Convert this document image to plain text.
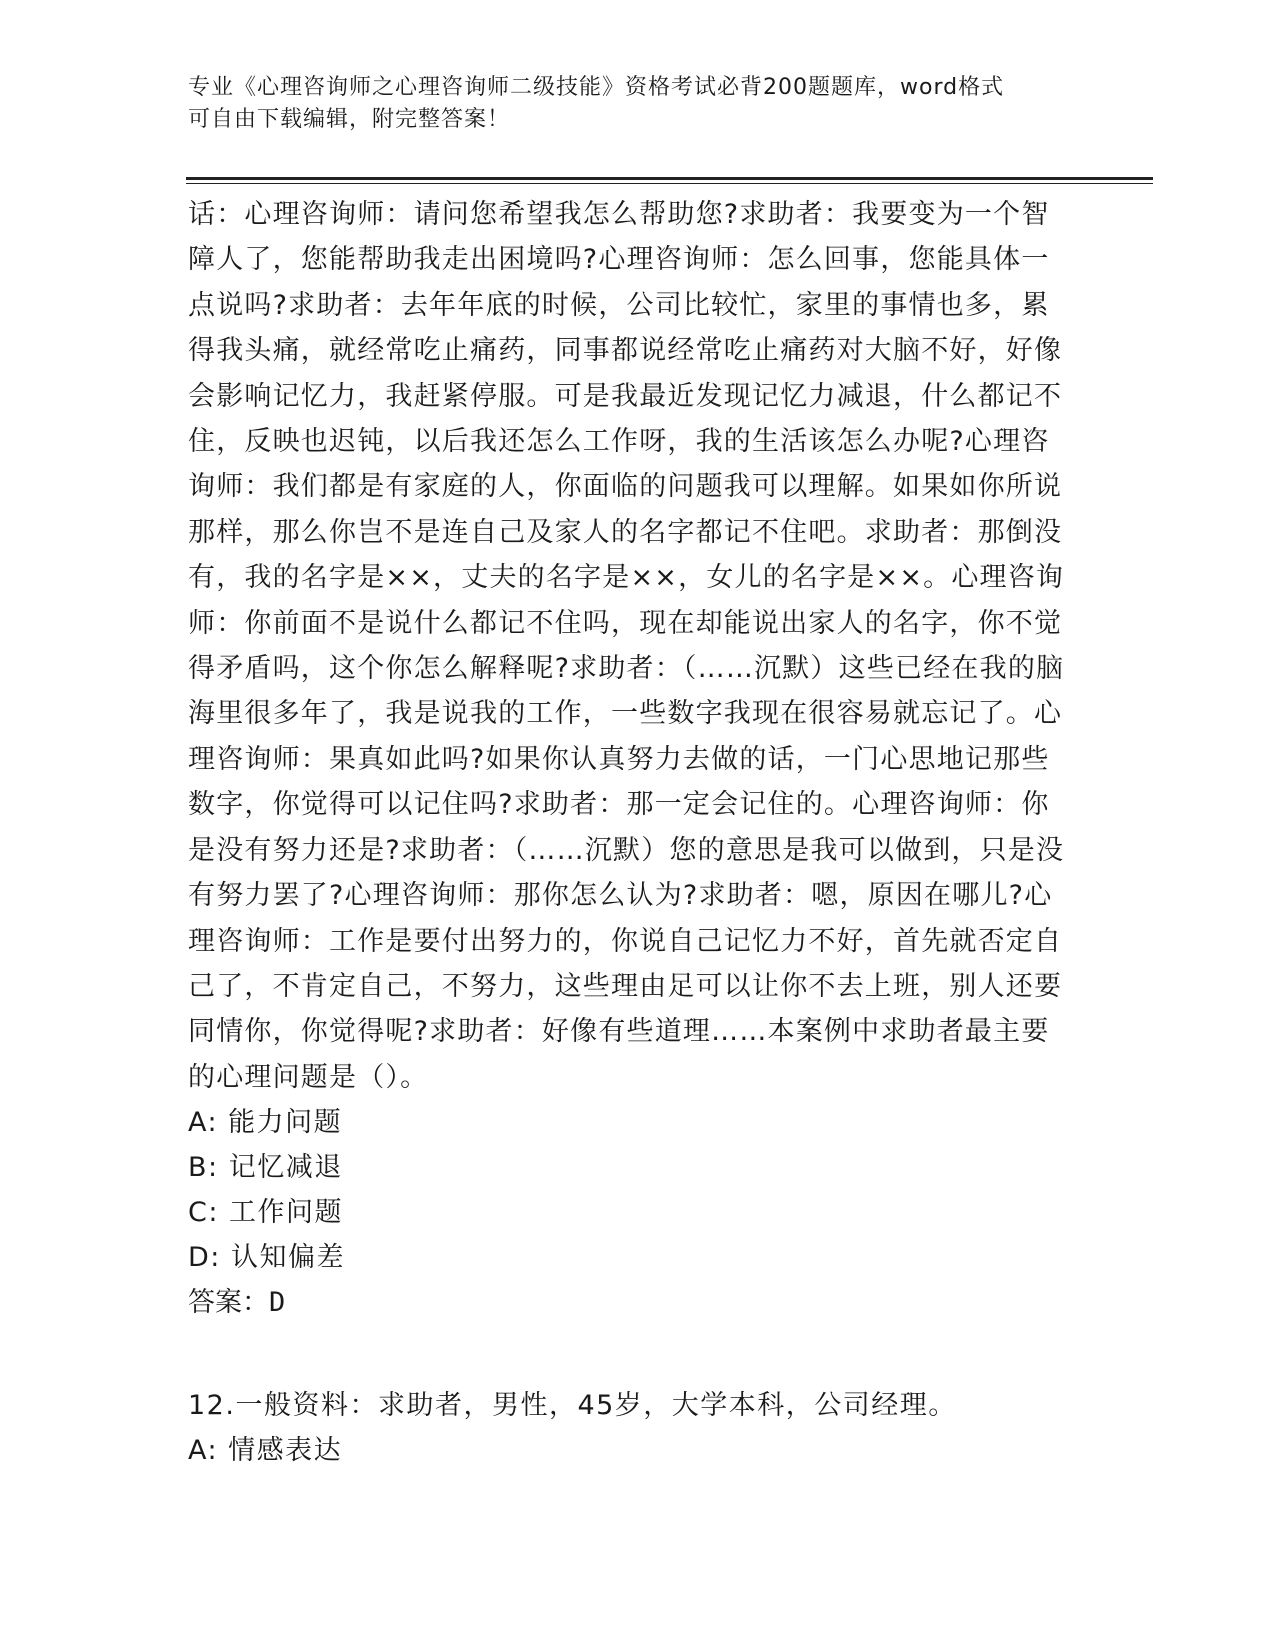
专业《心理咨询师之心理咨询师二级技能》资格考试必背200题题库，word格式
可自由下载编辑，附完整答案！
话：心理咨询师：请问您希望我怎么帮助您?求助者：我要变为一个智障人了，您能帮助我走出困境吗?心理咨询师：怎么回事，您能具体一点说吗?求助者：去年年底的时候，公司比较忙，家里的事情也多，累得我头痛，就经常吃止痛药，同事都说经常吃止痛药对大脑不好，好像会影响记忆力，我赶紧停服。可是我最近发现记忆力减退，什么都记不住，反映也迟钝，以后我还怎么工作呀，我的生活该怎么办呢?心理咨询师：我们都是有家庭的人，你面临的问题我可以理解。如果如你所说那样，那么你岂不是连自己及家人的名字都记不住吧。求助者：那倒没有，我的名字是××，丈夫的名字是××，女儿的名字是××。心理咨询师：你前面不是说什么都记不住吗，现在却能说出家人的名字，你不觉得矛盾吗，这个你怎么解释呢?求助者：（……沉默）这些已经在我的脑海里很多年了，我是说我的工作，一些数字我现在很容易就忘记了。心理咨询师：果真如此吗?如果你认真努力去做的话，一门心思地记那些数字，你觉得可以记住吗?求助者：那一定会记住的。心理咨询师：你是没有努力还是?求助者：（……沉默）您的意思是我可以做到，只是没有努力罢了?心理咨询师：那你怎么认为?求助者：嗯，原因在哪儿?心理咨询师：工作是要付出努力的，你说自己记忆力不好，首先就否定自己了，不肯定自己，不努力，这些理由足可以让你不去上班，别人还要同情你，你觉得呢?求助者：好像有些道理……本案例中求助者最主要的心理问题是（）。
A: 能力问题
B: 记忆减退
C: 工作问题
D: 认知偏差
答案：D
12.一般资料：求助者，男性，45岁，大学本科，公司经理。
A: 情感表达
